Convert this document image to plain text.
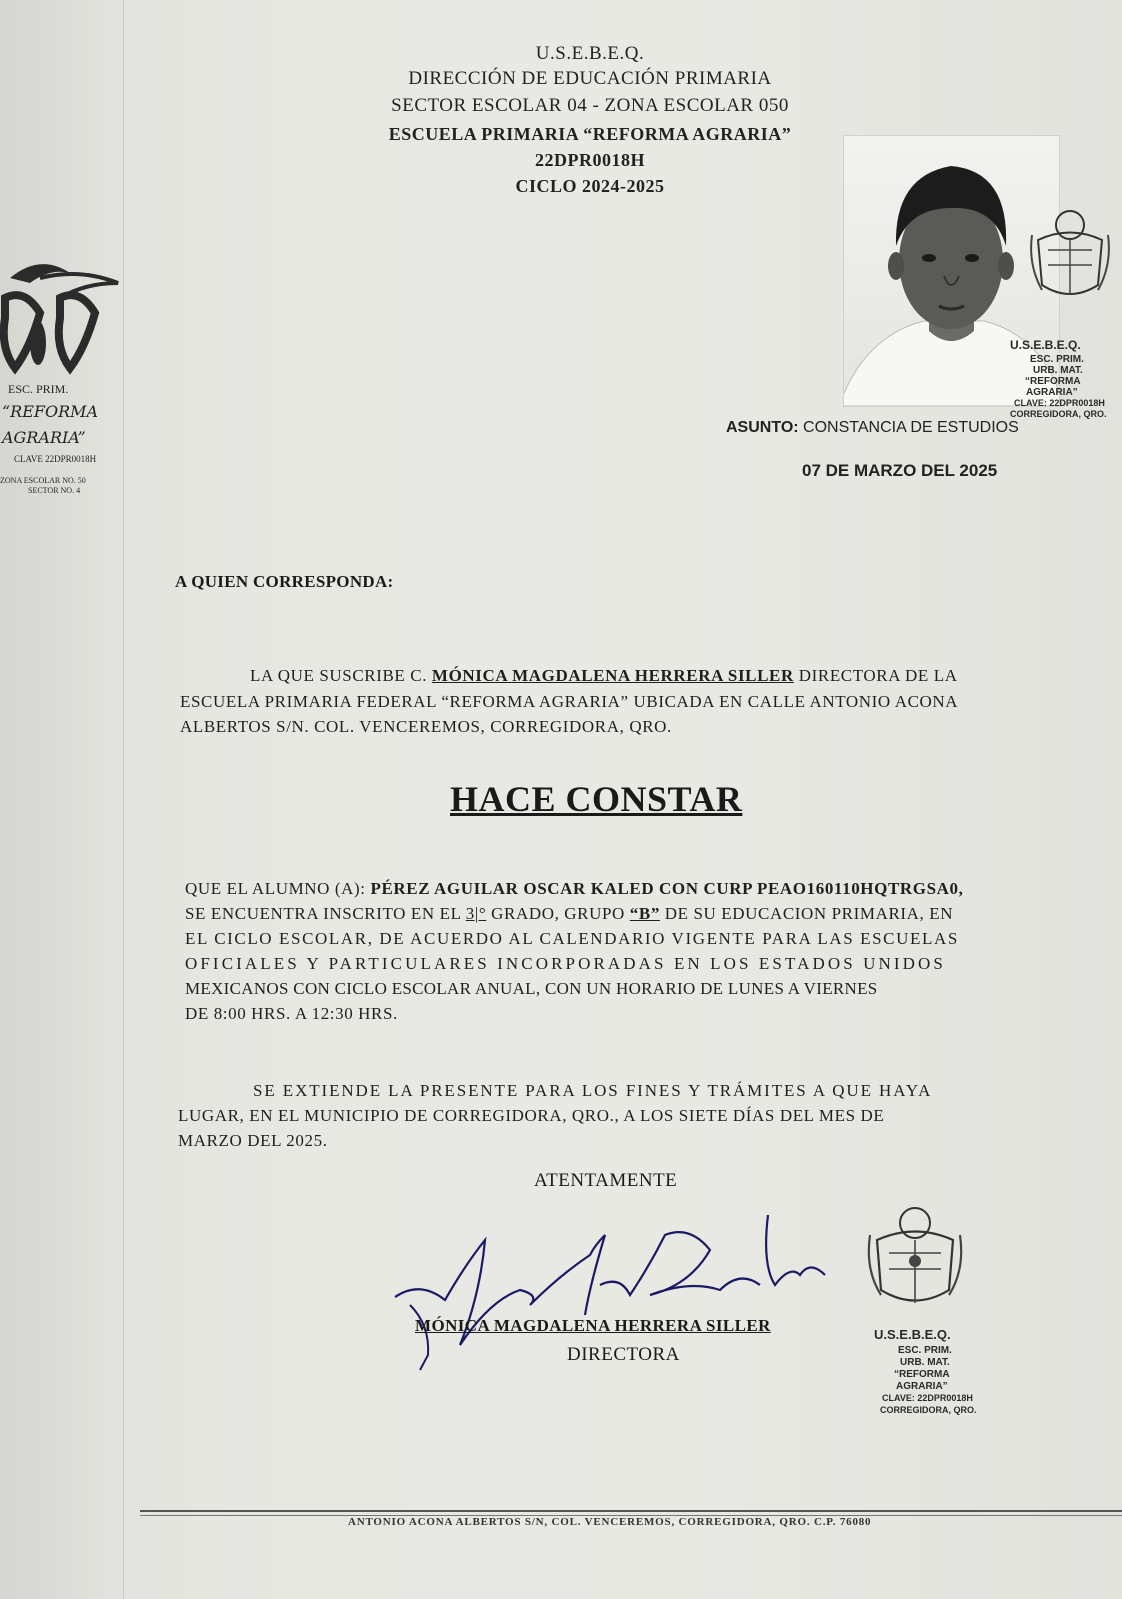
U.S.E.B.E.Q.
DIRECCIÓN DE EDUCACIÓN PRIMARIA
SECTOR ESCOLAR 04 - ZONA ESCOLAR 050
ESCUELA PRIMARIA “REFORMA AGRARIA”
22DPR0018H
CICLO 2024-2025
ESC. PRIM.
“REFORMA
AGRARIA”
CLAVE 22DPR0018H
ZONA ESCOLAR NO. 50
SECTOR NO. 4
U.S.E.B.E.Q.
ESC. PRIM.
URB. MAT.
“REFORMA
AGRARIA”
CLAVE: 22DPR0018H
CORREGIDORA, QRO.
ASUNTO: CONSTANCIA DE ESTUDIOS
07 DE MARZO DEL 2025
A QUIEN CORRESPONDA:
LA QUE SUSCRIBE C. MÓNICA MAGDALENA HERRERA SILLER DIRECTORA DE LA
ESCUELA PRIMARIA FEDERAL “REFORMA AGRARIA” UBICADA EN CALLE ANTONIO ACONA
ALBERTOS S/N. COL. VENCEREMOS, CORREGIDORA, QRO.
HACE CONSTAR
QUE EL ALUMNO (A): PÉREZ AGUILAR OSCAR KALED CON CURP PEAO160110HQTRGSA0,
SE ENCUENTRA INSCRITO EN EL 3|° GRADO, GRUPO “B” DE SU EDUCACION PRIMARIA, EN
EL CICLO ESCOLAR, DE ACUERDO AL CALENDARIO VIGENTE PARA LAS ESCUELAS
OFICIALES Y PARTICULARES INCORPORADAS EN LOS ESTADOS UNIDOS
MEXICANOS CON CICLO ESCOLAR ANUAL, CON UN HORARIO DE LUNES A VIERNES
DE 8:00 HRS. A 12:30 HRS.
SE EXTIENDE LA PRESENTE PARA LOS FINES Y TRÁMITES A QUE HAYA
LUGAR, EN EL MUNICIPIO DE CORREGIDORA, QRO., A LOS SIETE DÍAS DEL MES DE
MARZO DEL 2025.
ATENTAMENTE
MÓNICA MAGDALENA HERRERA SILLER
DIRECTORA
U.S.E.B.E.Q.
ESC. PRIM.
URB. MAT.
“REFORMA
AGRARIA”
CLAVE: 22DPR0018H
CORREGIDORA, QRO.
ANTONIO ACONA ALBERTOS S/N, COL. VENCEREMOS, CORREGIDORA, QRO. C.P. 76080
